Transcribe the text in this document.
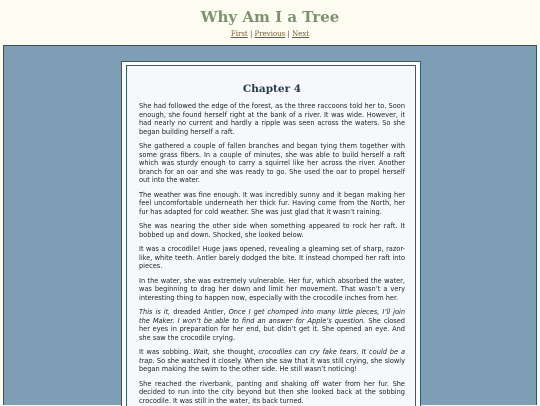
Why Am I a Tree
First | Previous | Next
Chapter 4

She had followed the edge of the forest, as the three raccoons told her to. Soon enough, she found herself right at the bank of a river. It was wide. However, it had nearly no current and hardly a ripple was seen across the waters. So she began building herself a raft.

She gathered a couple of fallen branches and began tying them together with some grass fibers. In a couple of minutes, she was able to build herself a raft which was sturdy enough to carry a squirrel like her across the river. Another branch for an oar and she was ready to go. She used the oar to propel herself out into the water.

The weather was fine enough. It was incredibly sunny and it began making her feel uncomfortable underneath her thick fur. Having come from the North, her fur has adapted for cold weather. She was just glad that it wasn’t raining.

She was nearing the other side when something appeared to rock her raft. It bobbed up and down. Shocked, she looked below.

It was a crocodile! Huge jaws opened, revealing a gleaming set of sharp, razor-like, white teeth. Antler barely dodged the bite. It instead chomped her raft into pieces.

In the water, she was extremely vulnerable. Her fur, which absorbed the water, was beginning to drag her down and limit her movement. That wasn’t a very interesting thing to happen now, especially with the crocodile inches from her.

This is it, dreaded Antler, Once I get chomped into many little pieces, I’ll join the Maker. I won’t be able to find an answer for Apple’s question. She closed her eyes in preparation for her end, but didn’t get it. She opened an eye. And she saw the crocodile crying.

It was sobbing. Wait, she thought, crocodiles can cry fake tears. It could be a trap. So she watched it closely. When she saw that it was still crying, she slowly began making the swim to the other side. He still wasn’t noticing!

She reached the riverbank, panting and shaking off water from her fur. She decided to run into the city beyond but then she looked back at the sobbing crocodile. It was still in the water, its back turned.
